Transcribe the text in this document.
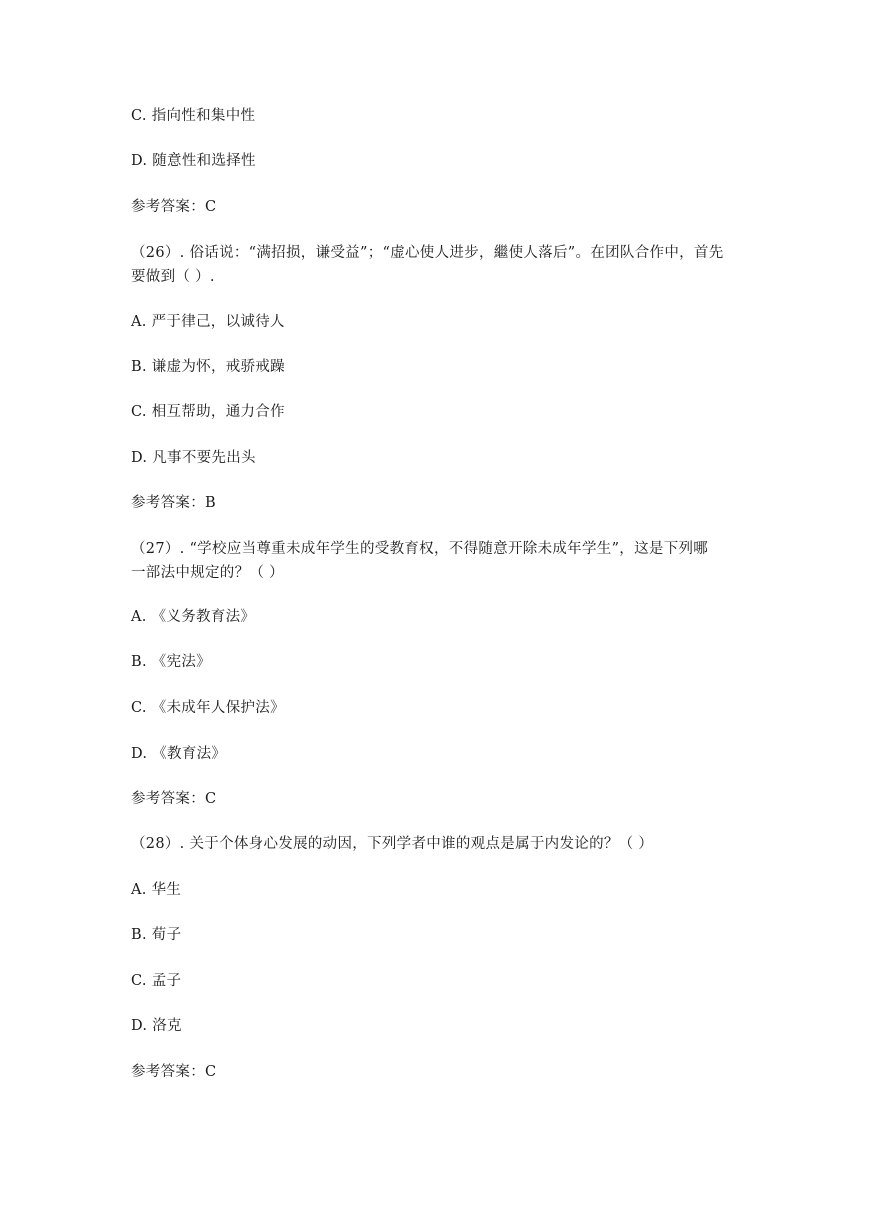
C. 指向性和集中性
D. 随意性和选择性
参考答案：C
（26）. 俗话说：“满招损，谦受益”；“虚心使人进步，繼使人落后”。在团队合作中，首先
要做到（ ）.
A. 严于律己，以诚待人
B. 谦虚为怀，戒骄戒躁
C. 相互帮助，通力合作
D. 凡事不要先出头
参考答案：B
（27）. “学校应当尊重未成年学生的受教育权，不得随意开除未成年学生”，这是下列哪
一部法中规定的？（ ）
A. 《义务教育法》
B. 《宪法》
C. 《未成年人保护法》
D. 《教育法》
参考答案：C
（28）. 关于个体身心发展的动因，下列学者中谁的观点是属于内发论的？（ ）
A. 华生
B. 荀子
C. 孟子
D. 洛克
参考答案：C
